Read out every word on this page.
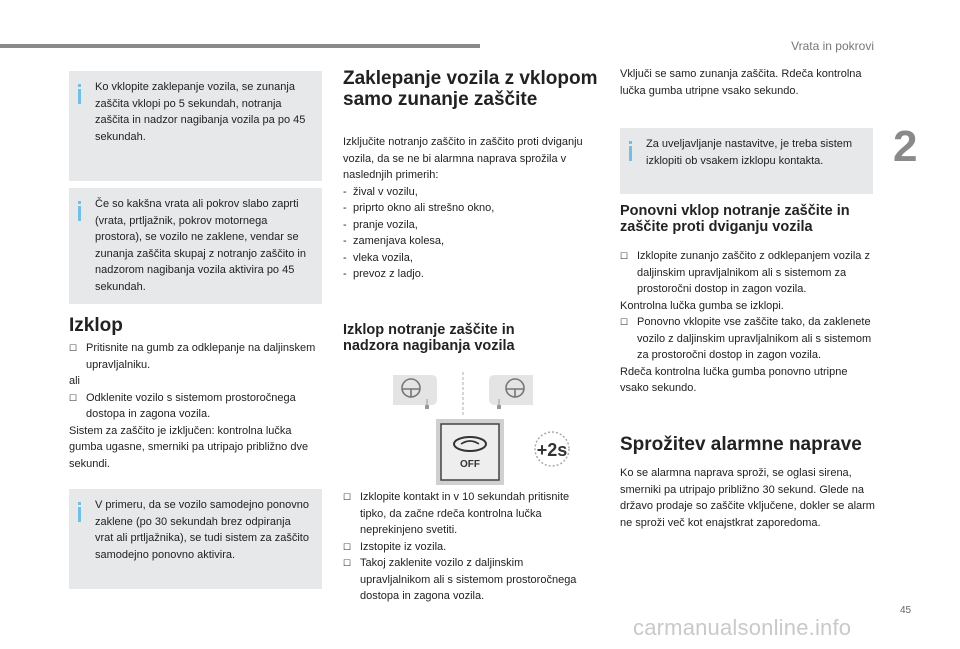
Vrata in pokrovi
2
Ko vklopite zaklepanje vozila, se zunanja zaščita vklopi po 5 sekundah, notranja zaščita in nadzor nagibanja vozila pa po 45 sekundah.
Če so kakšna vrata ali pokrov slabo zaprti (vrata, prtljažnik, pokrov motornega prostora), se vozilo ne zaklene, vendar se zunanja zaščita skupaj z notranjo zaščito in nadzorom nagibanja vozila aktivira po 45 sekundah.
Izklop

☐ Pritisnite na gumb za odklepanje na daljinskem upravljalniku.

ali

☐ Odklenite vozilo s sistemom prostoročnega dostopa in zagona vozila.

Sistem za zaščito je izključen: kontrolna lučka gumba ugasne, smerniki pa utripajo približno dve sekundi.

V primeru, da se vozilo samodejno ponovno zaklene (po 30 sekundah brez odpiranja vrat ali prtljažnika), se tudi sistem za zaščito samodejno ponovno aktivira.
Zaklepanje vozila z vklopom samo zunanje zaščite

Izključite notranjo zaščito in zaščito proti dviganju vozila, da se ne bi alarmna naprava sprožila v naslednjih primerih:

- žival v vozilu,

- priprto okno ali strešno okno,

- pranje vozila,

- zamenjava kolesa,

- vleka vozila,

- prevoz z ladjo.

Izklop notranje zaščite in nadzora nagibanja vozila
OFF
+2s

☐ Izklopite kontakt in v 10 sekundah pritisnite tipko, da začne rdeča kontrolna lučka neprekinjeno svetiti.

☐ Izstopite iz vozila.

☐ Takoj zaklenite vozilo z daljinskim upravljalnikom ali s sistemom prostoročnega dostopa in zagona vozila.

Vključi se samo zunanja zaščita. Rdeča kontrolna lučka gumba utripne vsako sekundo.

Za uveljavljanje nastavitve, je treba sistem izklopiti ob vsakem izklopu kontakta.
Ponovni vklop notranje zaščite in zaščite proti dviganju vozila

☐ Izklopite zunanjo zaščito z odklepanjem vozila z daljinskim upravljalnikom ali s sistemom za prostoročni dostop in zagon vozila.

Kontrolna lučka gumba se izklopi.

☐ Ponovno vklopite vse zaščite tako, da zaklenete vozilo z daljinskim upravljalnikom ali s sistemom za prostoročni dostop in zagon vozila.

Rdeča kontrolna lučka gumba ponovno utripne vsako sekundo.

Sprožitev alarmne naprave

Ko se alarmna naprava sproži, se oglasi sirena, smerniki pa utripajo približno 30 sekund. Glede na državo prodaje so zaščite vključene, dokler se alarm ne sproži več kot enajstkrat zaporedoma.

45
carmanualsonline.info
